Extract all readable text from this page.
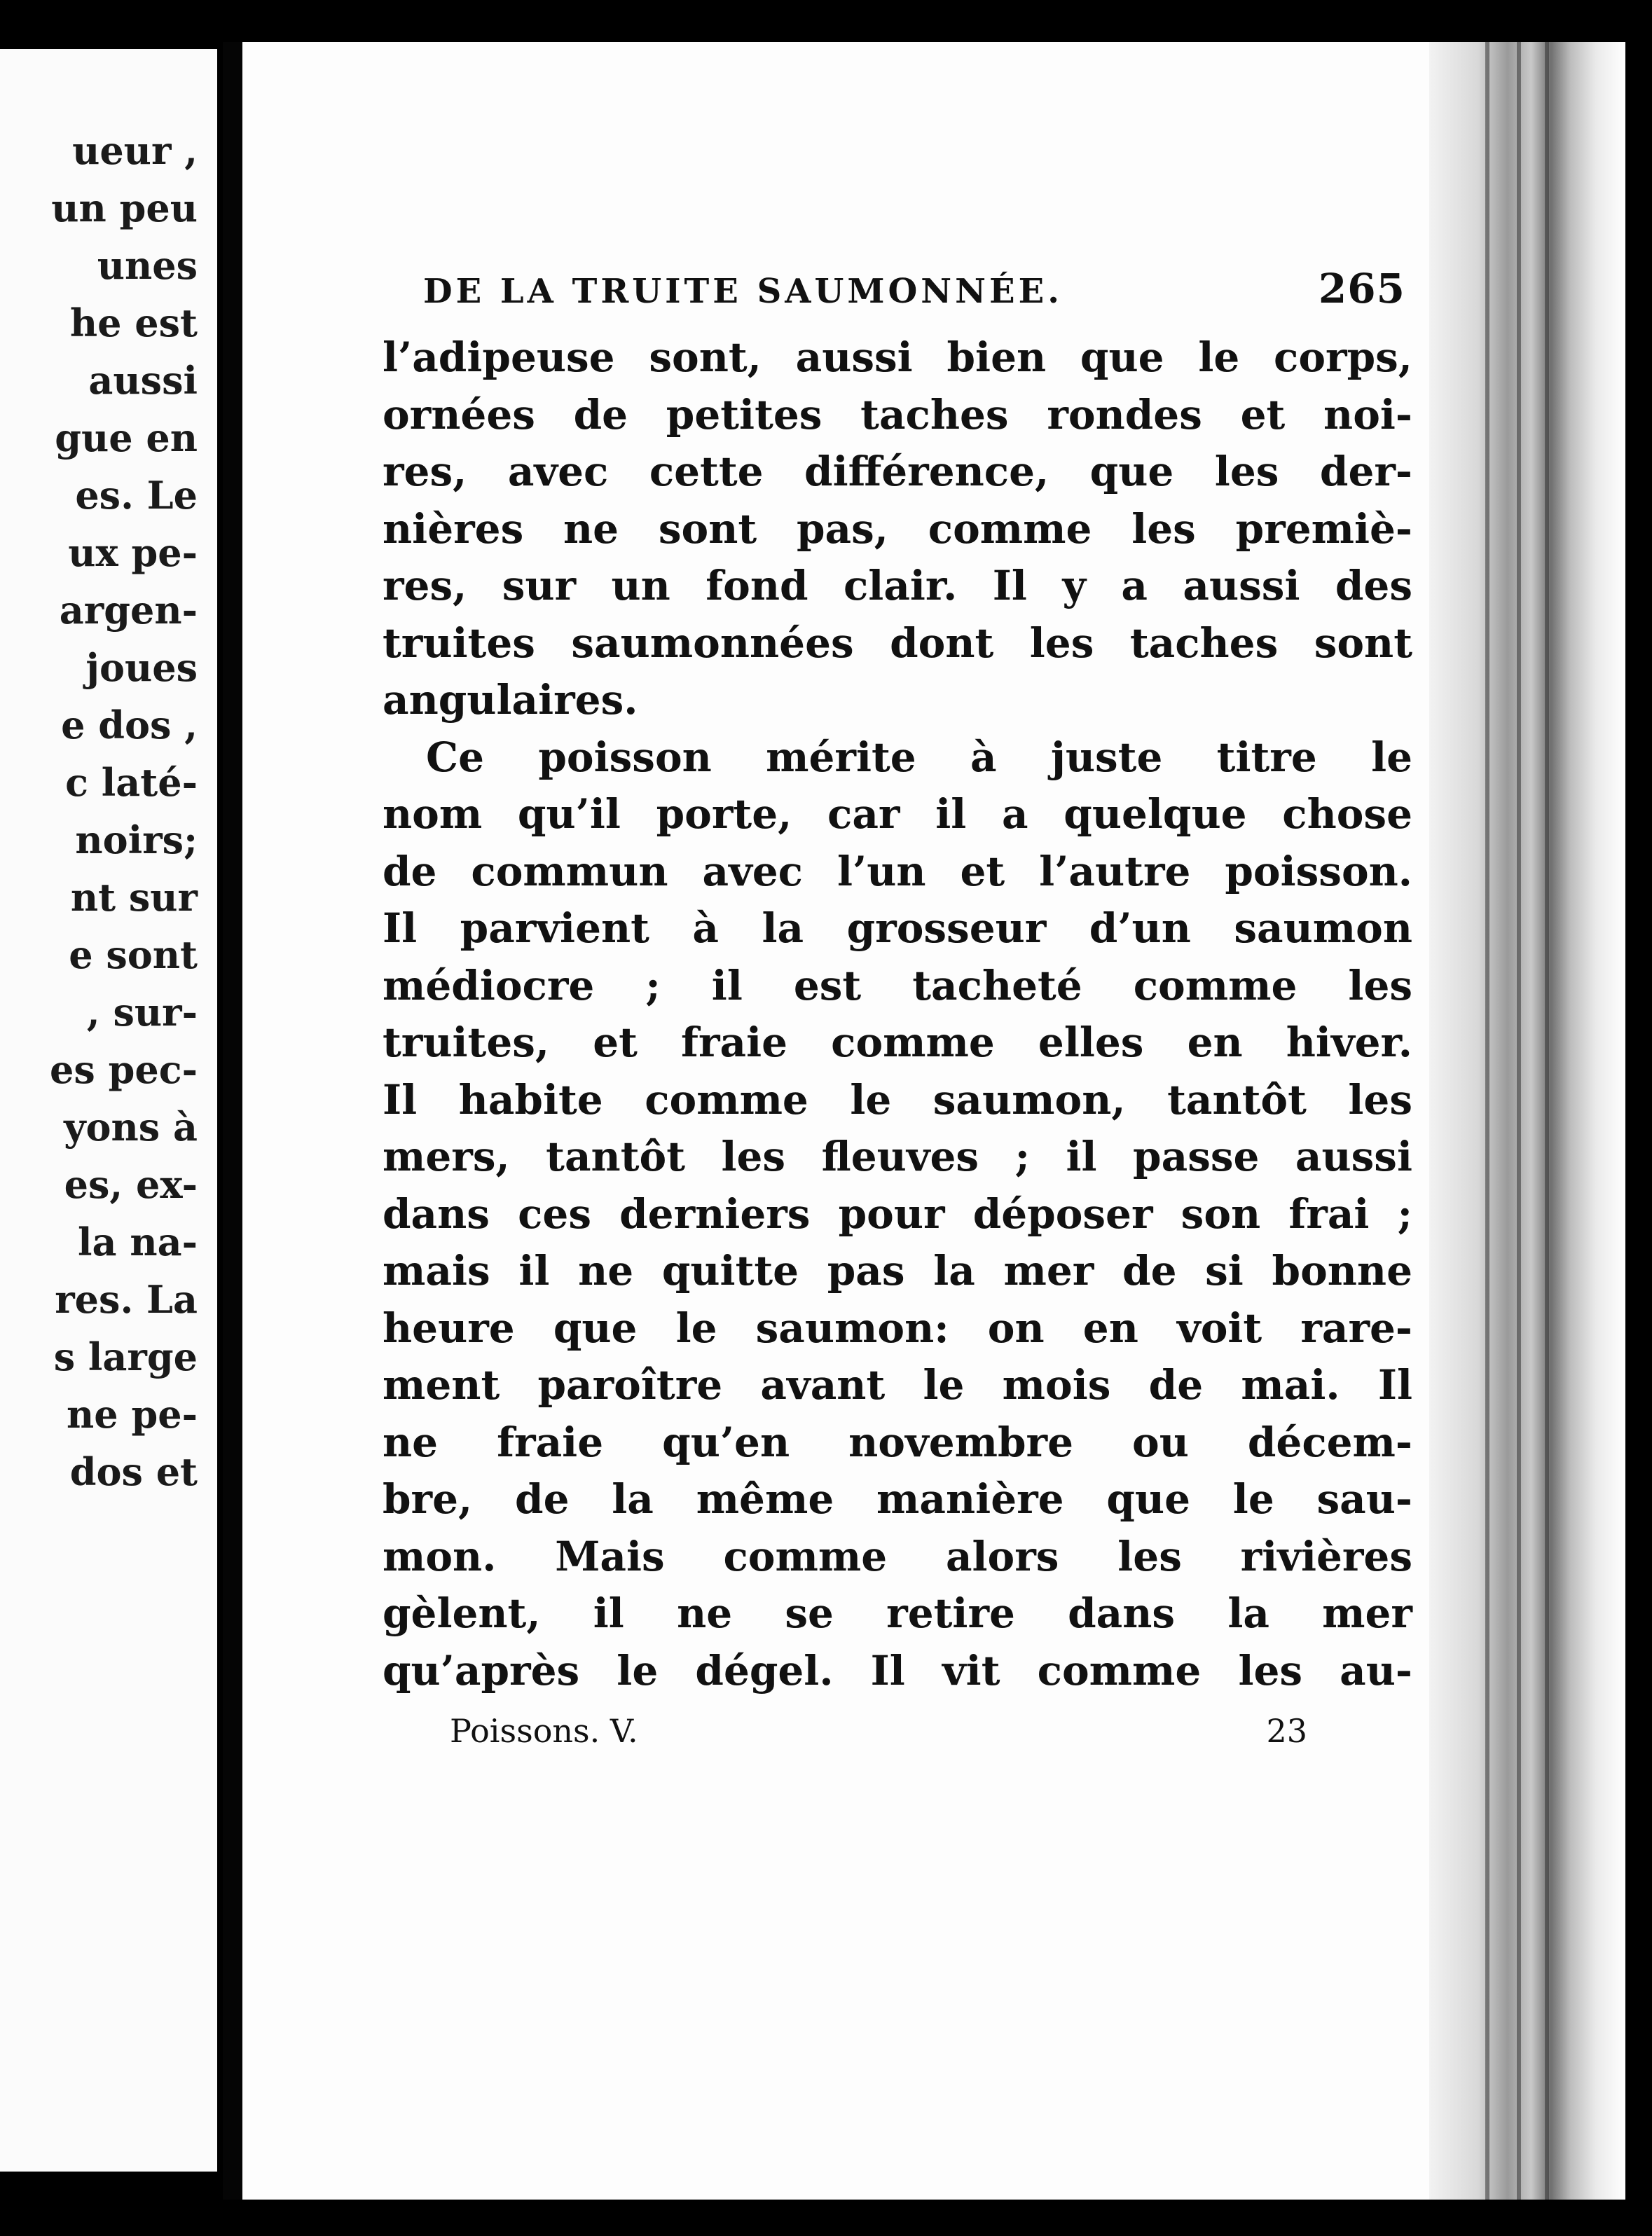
ueur ,
un peu
unes
he est
aussi
gue en
es. Le
ux pe-
argen-
joues
e dos ,
c laté-
noirs;
nt sur
e sont
, sur-
es pec-
yons à
es, ex-
la na-
res. La
s large
ne pe-
dos et
DE LA TRUITE SAUMONNÉE.	265
l’adipeuse sont, aussi bien que le corps,
ornées de petites taches rondes et noi-
res, avec cette différence, que les der-
nières ne sont pas, comme les premiè-
res, sur un fond clair. Il y a aussi des
truites saumonnées dont les taches sont
angulaires.
Ce poisson mérite à juste titre le
nom qu’il porte, car il a quelque chose
de commun avec l’un et l’autre poisson.
Il parvient à la grosseur d’un saumon
médiocre ; il est tacheté comme les
truites, et fraie comme elles en hiver.
Il habite comme le saumon, tantôt les
mers, tantôt les fleuves ; il passe aussi
dans ces derniers pour déposer son frai ;
mais il ne quitte pas la mer de si bonne
heure que le saumon: on en voit rare-
ment paroître avant le mois de mai. Il
ne fraie qu’en novembre ou décem-
bre, de la même manière que le sau-
mon. Mais comme alors les rivières
gèlent, il ne se retire dans la mer
qu’après le dégel. Il vit comme les au-
Poissons. V.	23
